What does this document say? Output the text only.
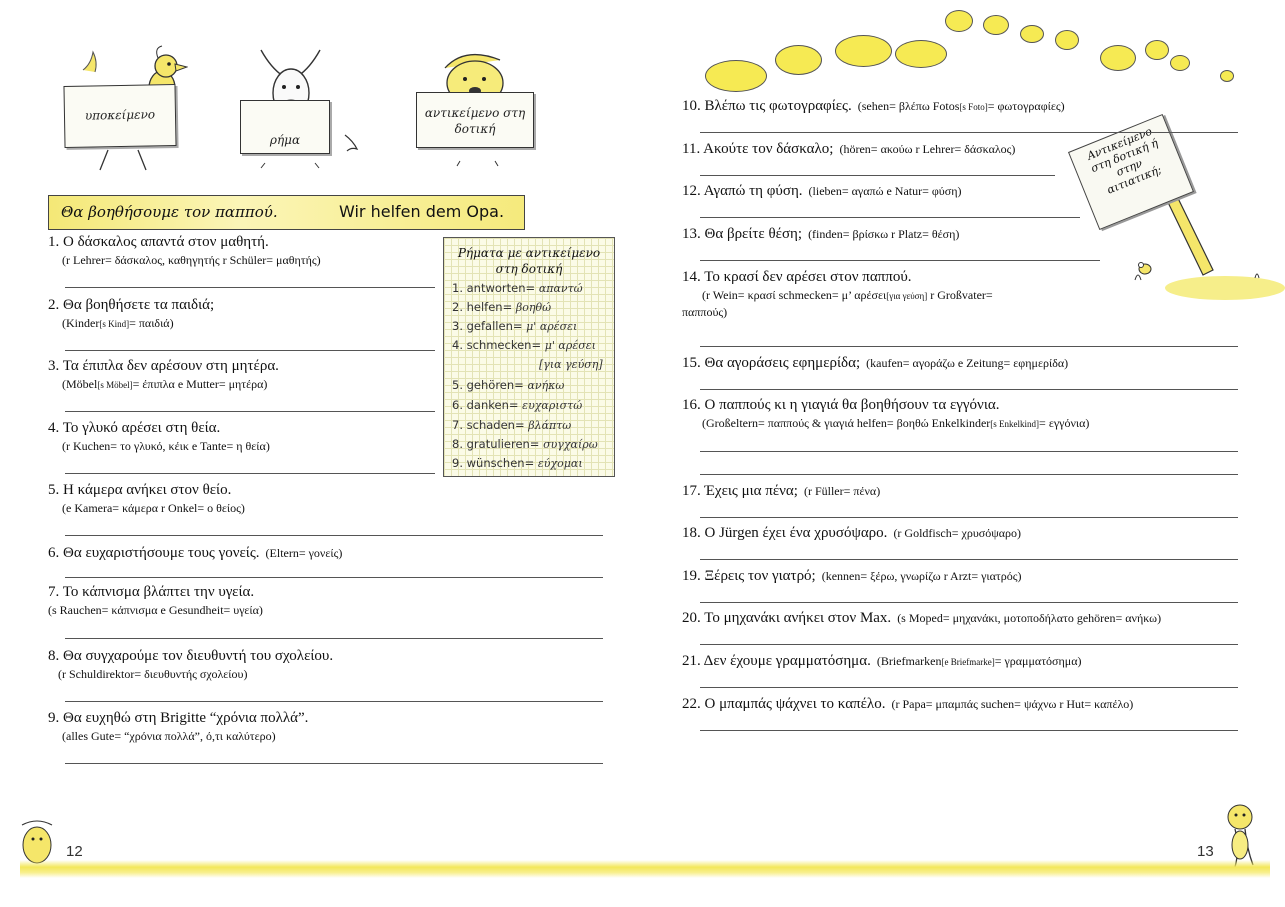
υποκείμενο
ρήμα
αντικείμενο στη δοτική
Θα βοηθήσουμε τον παππού.	Wir helfen dem Opa.
1. Ο δάσκαλος απαντά στον μαθητή.
(r Lehrer= δάσκαλος, καθηγητής r Schüler= μαθητής)
2. Θα βοηθήσετε τα παιδιά;
(Kinder[s Kind]= παιδιά)
3. Τα έπιπλα δεν αρέσουν στη μητέρα.
(Möbel[s Möbel]= έπιπλα e Mutter= μητέρα)
4. Το γλυκό αρέσει στη θεία.
(r Kuchen= το γλυκό, κέικ e Tante= η θεία)
5. Η κάμερα ανήκει στον θείο.
(e Kamera= κάμερα r Onkel= ο θείος)
6. Θα ευχαριστήσουμε τους γονείς. (Eltern= γονείς)
7. Το κάπνισμα βλάπτει την υγεία.
(s Rauchen= κάπνισμα e Gesundheit= υγεία)
8. Θα συγχαρούμε τον διευθυντή του σχολείου.
(r Schuldirektor= διευθυντής σχολείου)
9. Θα ευχηθώ στη Brigitte “χρόνια πολλά”.
(alles Gute= “χρόνια πολλά”, ό,τι καλύτερο)
Ρήματα με αντικείμενο
στη δοτική
1. antworten= απαντώ
2. helfen= βοηθώ
3. gefallen= μ' αρέσει
4. schmecken= μ' αρέσει
[για γεύση]
5. gehören= ανήκω
6. danken= ευχαριστώ
7. schaden= βλάπτω
8. gratulieren= συγχαίρω
9. wünschen= εύχομαι
12
Αντικείμενο στη δοτική ή στην αιτιατική;
10. Βλέπω τις φωτογραφίες. (sehen= βλέπω Fotos[s Foto]= φωτογραφίες)
11. Ακούτε τον δάσκαλο; (hören= ακούω r Lehrer= δάσκαλος)
12. Αγαπώ τη φύση. (lieben= αγαπώ e Natur= φύση)
13. Θα βρείτε θέση; (finden= βρίσκω r Platz= θέση)
14. Το κρασί δεν αρέσει στον παππού.
(r Wein= κρασί schmecken= μ’ αρέσει[για γεύση] r Großvater=
παππούς)
15. Θα αγοράσεις εφημερίδα; (kaufen= αγοράζω e Zeitung= εφημερίδα)
16. Ο παππούς κι η γιαγιά θα βοηθήσουν τα εγγόνια.
(Großeltern= παππούς & γιαγιά helfen= βοηθώ Enkelkinder[s Enkelkind]= εγγόνια)
17. Έχεις μια πένα; (r Füller= πένα)
18. Ο Jürgen έχει ένα χρυσόψαρο. (r Goldfisch= χρυσόψαρο)
19. Ξέρεις τον γιατρό; (kennen= ξέρω, γνωρίζω r Arzt= γιατρός)
20. Το μηχανάκι ανήκει στον Max. (s Moped= μηχανάκι, μοτοποδήλατο gehören= ανήκω)
21. Δεν έχουμε γραμματόσημα. (Briefmarken[e Briefmarke]= γραμματόσημα)
22. Ο μπαμπάς ψάχνει το καπέλο. (r Papa= μπαμπάς suchen= ψάχνω r Hut= καπέλο)
13
